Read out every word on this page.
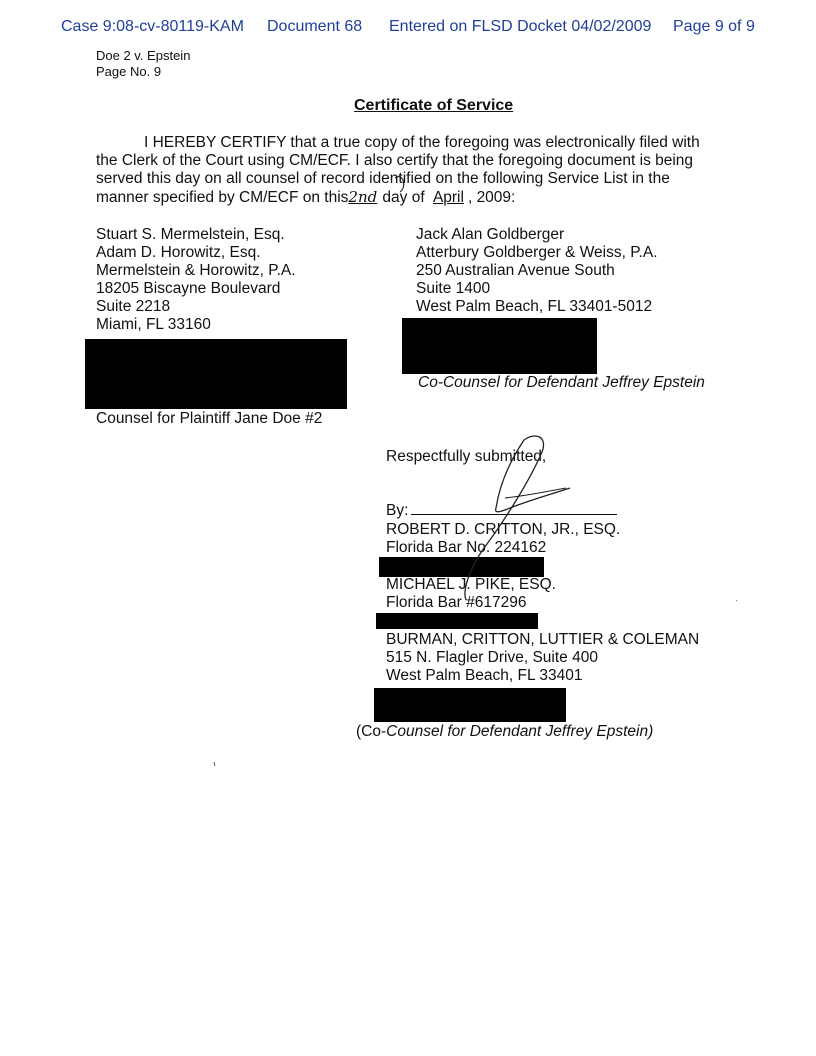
Case 9:08-cv-80119-KAM Document 68 Entered on FLSD Docket 04/02/2009 Page 9 of 9
Doe 2 v. Epstein
Page No. 9
Certificate of Service
I HEREBY CERTIFY that a true copy of the foregoing was electronically filed with
the Clerk of the Court using CM/ECF. I also certify that the foregoing document is being
served this day on all counsel of record identified on the following Service List in the
manner specified by CM/ECF on this2nd day of April , 2009:
Stuart S. Mermelstein, Esq.
Adam D. Horowitz, Esq.
Mermelstein & Horowitz, P.A.
18205 Biscayne Boulevard
Suite 2218
Miami, FL 33160
Counsel for Plaintiff Jane Doe #2
Jack Alan Goldberger
Atterbury Goldberger & Weiss, P.A.
250 Australian Avenue South
Suite 1400
West Palm Beach, FL 33401-5012
Co-Counsel for Defendant Jeffrey Epstein
Respectfully submitted,
By:
ROBERT D. CRITTON, JR., ESQ.
Florida Bar No. 224162
MICHAEL J. PIKE, ESQ.
Florida Bar #617296
BURMAN, CRITTON, LUTTIER & COLEMAN
515 N. Flagler Drive, Suite 400
West Palm Beach, FL 33401
(Co-Counsel for Defendant Jeffrey Epstein)
